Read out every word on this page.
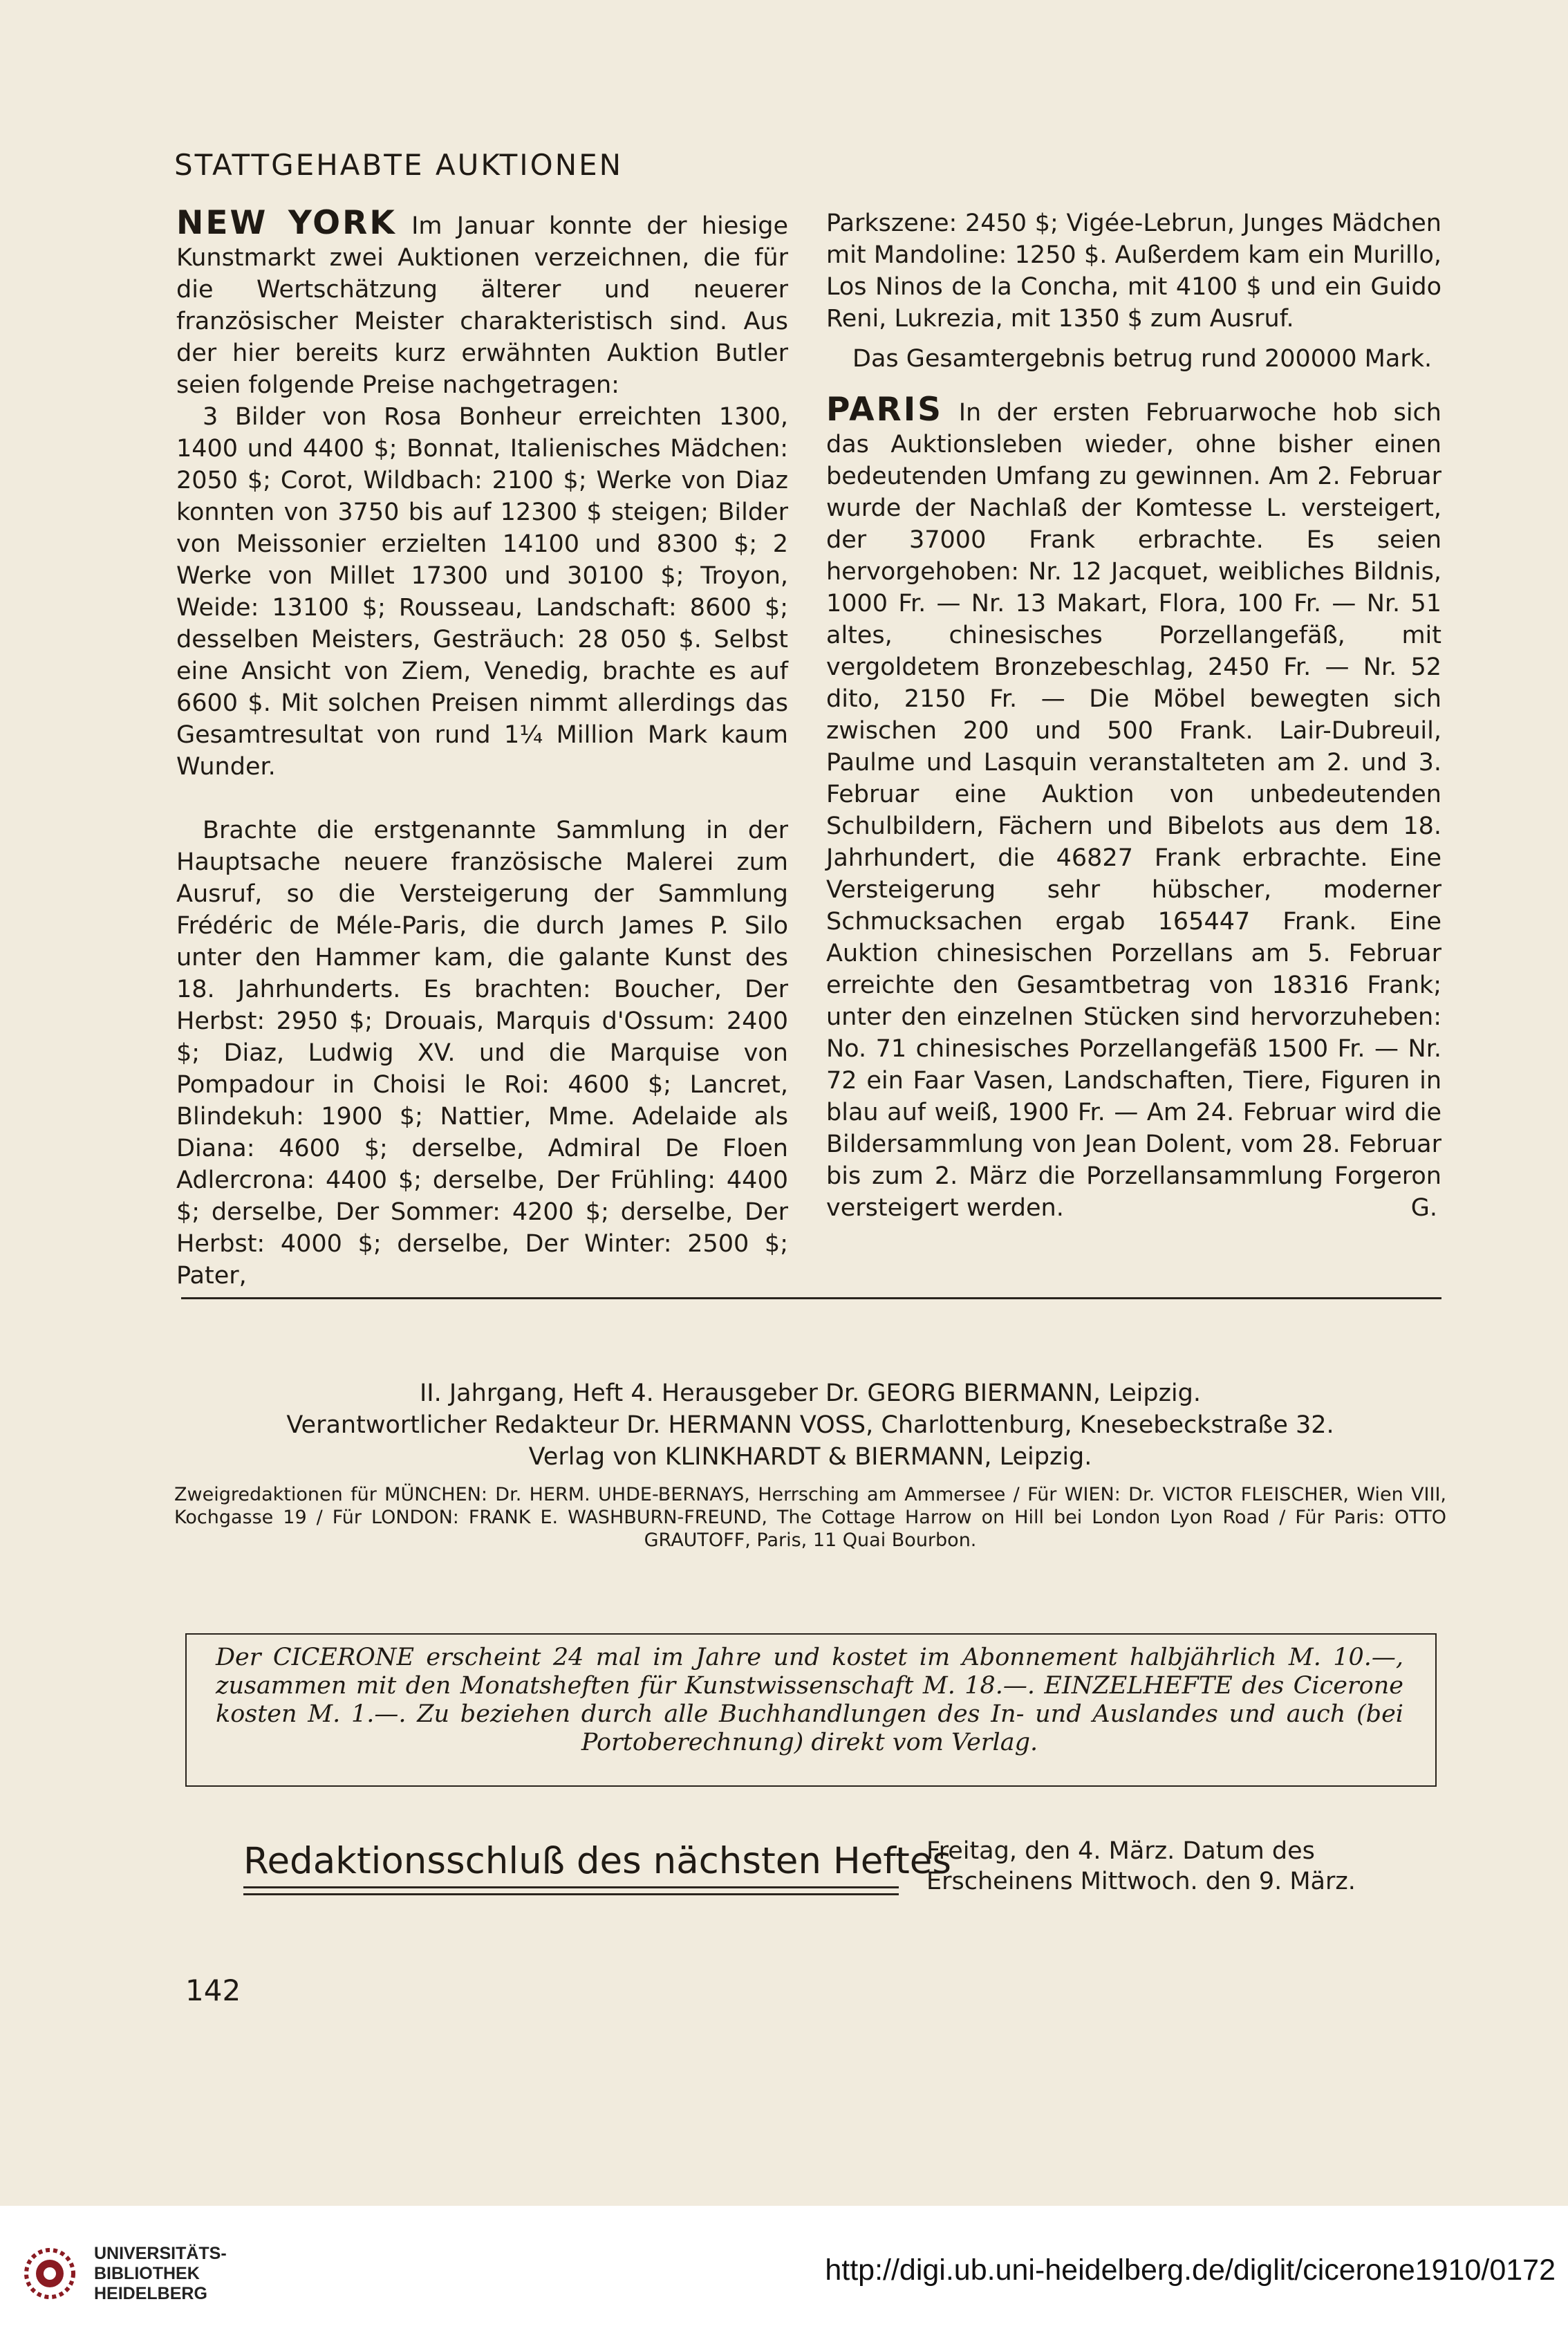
STATTGEHABTE AUKTIONEN

NEW YORK Im Januar konnte der hiesige Kunstmarkt zwei Auktionen verzeichnen, die für die Wertschätzung älterer und neuerer französischer Meister charakteristisch sind. Aus der hier bereits kurz erwähnten Auktion Butler seien folgende Preise nachgetragen:

3 Bilder von Rosa Bonheur erreichten 1300, 1400 und 4400 $; Bonnat, Italienisches Mädchen: 2050 $; Corot, Wildbach: 2100 $; Werke von Diaz konnten von 3750 bis auf 12300 $ steigen; Bilder von Meissonier erzielten 14100 und 8300 $; 2 Werke von Millet 17300 und 30100 $; Troyon, Weide: 13100 $; Rousseau, Landschaft: 8600 $; desselben Meisters, Gesträuch: 28 050 $. Selbst eine Ansicht von Ziem, Venedig, brachte es auf 6600 $. Mit solchen Preisen nimmt allerdings das Gesamtresultat von rund 1¼ Million Mark kaum Wunder.

Brachte die erstgenannte Sammlung in der Hauptsache neuere französische Malerei zum Ausruf, so die Versteigerung der Sammlung Frédéric de Méle-Paris, die durch James P. Silo unter den Hammer kam, die galante Kunst des 18. Jahrhunderts. Es brachten: Boucher, Der Herbst: 2950 $; Drouais, Marquis d'Ossum: 2400 $; Diaz, Ludwig XV. und die Marquise von Pompadour in Choisi le Roi: 4600 $; Lancret, Blindekuh: 1900 $; Nattier, Mme. Adelaide als Diana: 4600 $; derselbe, Admiral De Floen Adlercrona: 4400 $; derselbe, Der Frühling: 4400 $; derselbe, Der Sommer: 4200 $; derselbe, Der Herbst: 4000 $; derselbe, Der Winter: 2500 $; Pater,

Parkszene: 2450 $; Vigée-Lebrun, Junges Mädchen mit Mandoline: 1250 $. Außerdem kam ein Murillo, Los Ninos de la Concha, mit 4100 $ und ein Guido Reni, Lukrezia, mit 1350 $ zum Ausruf.

Das Gesamtergebnis betrug rund 200000 Mark.

PARIS In der ersten Februarwoche hob sich das Auktionsleben wieder, ohne bisher einen bedeutenden Umfang zu gewinnen. Am 2. Februar wurde der Nachlaß der Komtesse L. versteigert, der 37000 Frank erbrachte. Es seien hervorgehoben: Nr. 12 Jacquet, weibliches Bildnis, 1000 Fr. — Nr. 13 Makart, Flora, 100 Fr. — Nr. 51 altes, chinesisches Porzellangefäß, mit vergoldetem Bronzebeschlag, 2450 Fr. — Nr. 52 dito, 2150 Fr. — Die Möbel bewegten sich zwischen 200 und 500 Frank. Lair-Dubreuil, Paulme und Lasquin veranstalteten am 2. und 3. Februar eine Auktion von unbedeutenden Schulbildern, Fächern und Bibelots aus dem 18. Jahrhundert, die 46827 Frank erbrachte. Eine Versteigerung sehr hübscher, moderner Schmucksachen ergab 165447 Frank. Eine Auktion chinesischen Porzellans am 5. Februar erreichte den Gesamtbetrag von 18316 Frank; unter den einzelnen Stücken sind hervorzuheben: No. 71 chinesisches Porzellangefäß 1500 Fr. — Nr. 72 ein Faar Vasen, Landschaften, Tiere, Figuren in blau auf weiß, 1900 Fr. — Am 24. Februar wird die Bildersammlung von Jean Dolent, vom 28. Februar bis zum 2. März die Porzellansammlung Forgeron versteigert werden.	G.

II. Jahrgang, Heft 4. Herausgeber Dr. GEORG BIERMANN, Leipzig.
Verantwortlicher Redakteur Dr. HERMANN VOSS, Charlottenburg, Knesebeckstraße 32.
Verlag von KLINKHARDT & BIERMANN, Leipzig.
Zweigredaktionen für MÜNCHEN: Dr. HERM. UHDE-BERNAYS, Herrsching am Ammersee / Für WIEN: Dr. VICTOR FLEISCHER, Wien VIII, Kochgasse 19 / Für LONDON: FRANK E. WASHBURN-FREUND, The Cottage Harrow on Hill bei London Lyon Road / Für Paris: OTTO GRAUTOFF, Paris, 11 Quai Bourbon.
Der CICERONE erscheint 24 mal im Jahre und kostet im Abonnement halbjährlich M. 10.—, zusammen mit den Monatsheften für Kunstwissenschaft M. 18.—. EINZELHEFTE des Cicerone kosten M. 1.—. Zu beziehen durch alle Buchhandlungen des In- und Auslandes und auch (bei Portoberechnung) direkt vom Verlag.
Redaktionsschluß des nächsten Heftes
Freitag, den 4. März. Datum des
Erscheinens Mittwoch. den 9. März.
142
UNIVERSITÄTS-
BIBLIOTHEK
HEIDELBERG
http://digi.ub.uni-heidelberg.de/diglit/cicerone1910/0172
